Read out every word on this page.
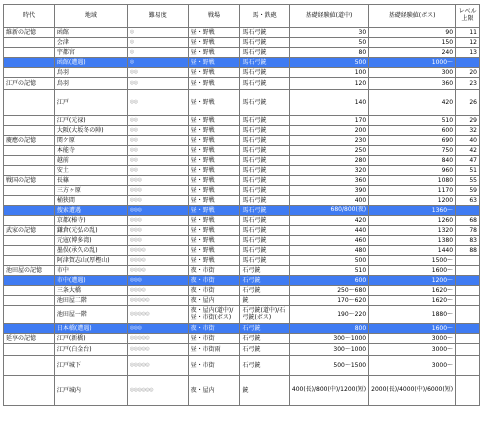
時代	地域	難易度	戦場	馬・鉄砲	基礎経験値(道中)	基礎経験値(ボス)	レベル上限
維新の記憶	函館	◎	昼・野戦	馬石弓銃	30	90	11
	会津	◎	昼・野戦	馬石弓銃	50	150	12
	宇都宮	◎	昼・野戦	馬石弓銃	80	240	13
	函館(遭遇)	◎	昼・野戦	馬石弓銃	500	1000～	
	鳥羽	◎◎	昼・野戦	馬石弓銃	100	300	20
江戸の記憶	鳥羽	◎◎	昼・野戦	馬石弓銃	120	360	23
	江戸	◎◎	昼・野戦	馬石弓銃	140	420	26
	江戸(元禄)	◎◎	昼・野戦	馬石弓銃	170	510	29
	大阪(大坂冬の陣)	◎◎	昼・野戦	馬石弓銃	200	600	32
慶應の記憶	関ケ原	◎◎	昼・野戦	馬石弓銃	230	690	40
	本能寺	◎◎	昼・野戦	馬石弓銃	250	750	42
	越前	◎◎	昼・野戦	馬石弓銃	280	840	47
	安土	◎◎	昼・野戦	馬石弓銃	320	960	51
戦国の記憶	長篠	◎◎◎	昼・野戦	馬石弓銃	360	1080	55
	三方ヶ原	◎◎◎	昼・野戦	馬石弓銃	390	1170	59
	桶狭間	◎◎◎	昼・野戦	馬石弓銃	400	1200	63
	捜索遭遇	◎◎◎	昼・野戦	馬石弓銃	680/800(夜)	1360～	
	京都(椿寺)	◎◎◎	昼・野戦	馬石弓銃	420	1260	68
武家の記憶	鎌倉(元弘の乱)	◎◎◎	昼・野戦	馬石弓銃	440	1320	78
	元寇(博多湾)	◎◎◎	昼・野戦	馬石弓銃	460	1380	83
	墨俣(承久の乱)	◎◎◎◎	昼・野戦	馬石弓銃	480	1440	88
	阿津賀志山(厚樫山)	◎◎◎◎	昼・野戦	馬石弓銃	500	1500～	
池田屋の記憶	市中	◎◎◎◎	夜・市街	石弓銃	510	1600～	
	市中(遭遇)	◎◎◎	夜・市街	石弓銃	600	1200～	
	三条大橋	◎◎◎◎	夜・市街	石弓銃	250～680	1620～	
	池田屋二階	◎◎◎◎◎	夜・屋内	銃	170～620	1620～	
	池田屋一階	◎◎◎◎◎	夜・屋内(道中)/昼・市街(ボス)	石弓銃(道中)/石弓銃(ボス)	190～220	1880～	
	日本橋(遭遇)	◎◎◎	夜・市街	石弓銃	800	1600～	
延享の記憶	江戸(新橋)	◎◎◎◎◎	昼・市街	石弓銃	300～1000	3000～	
	江戸(白金台)	◎◎◎◎◎	昼・市街雨	石弓銃	300～1000	3000～	
	江戸城下	◎◎◎◎◎	昼・市街	石弓銃	500～1500	3000～	
	江戸城内	◎◎◎◎◎◎	夜・屋内	銃	400(長)/800(中)/1200(短)	2000(長)/4000(中)/6000(短)	
